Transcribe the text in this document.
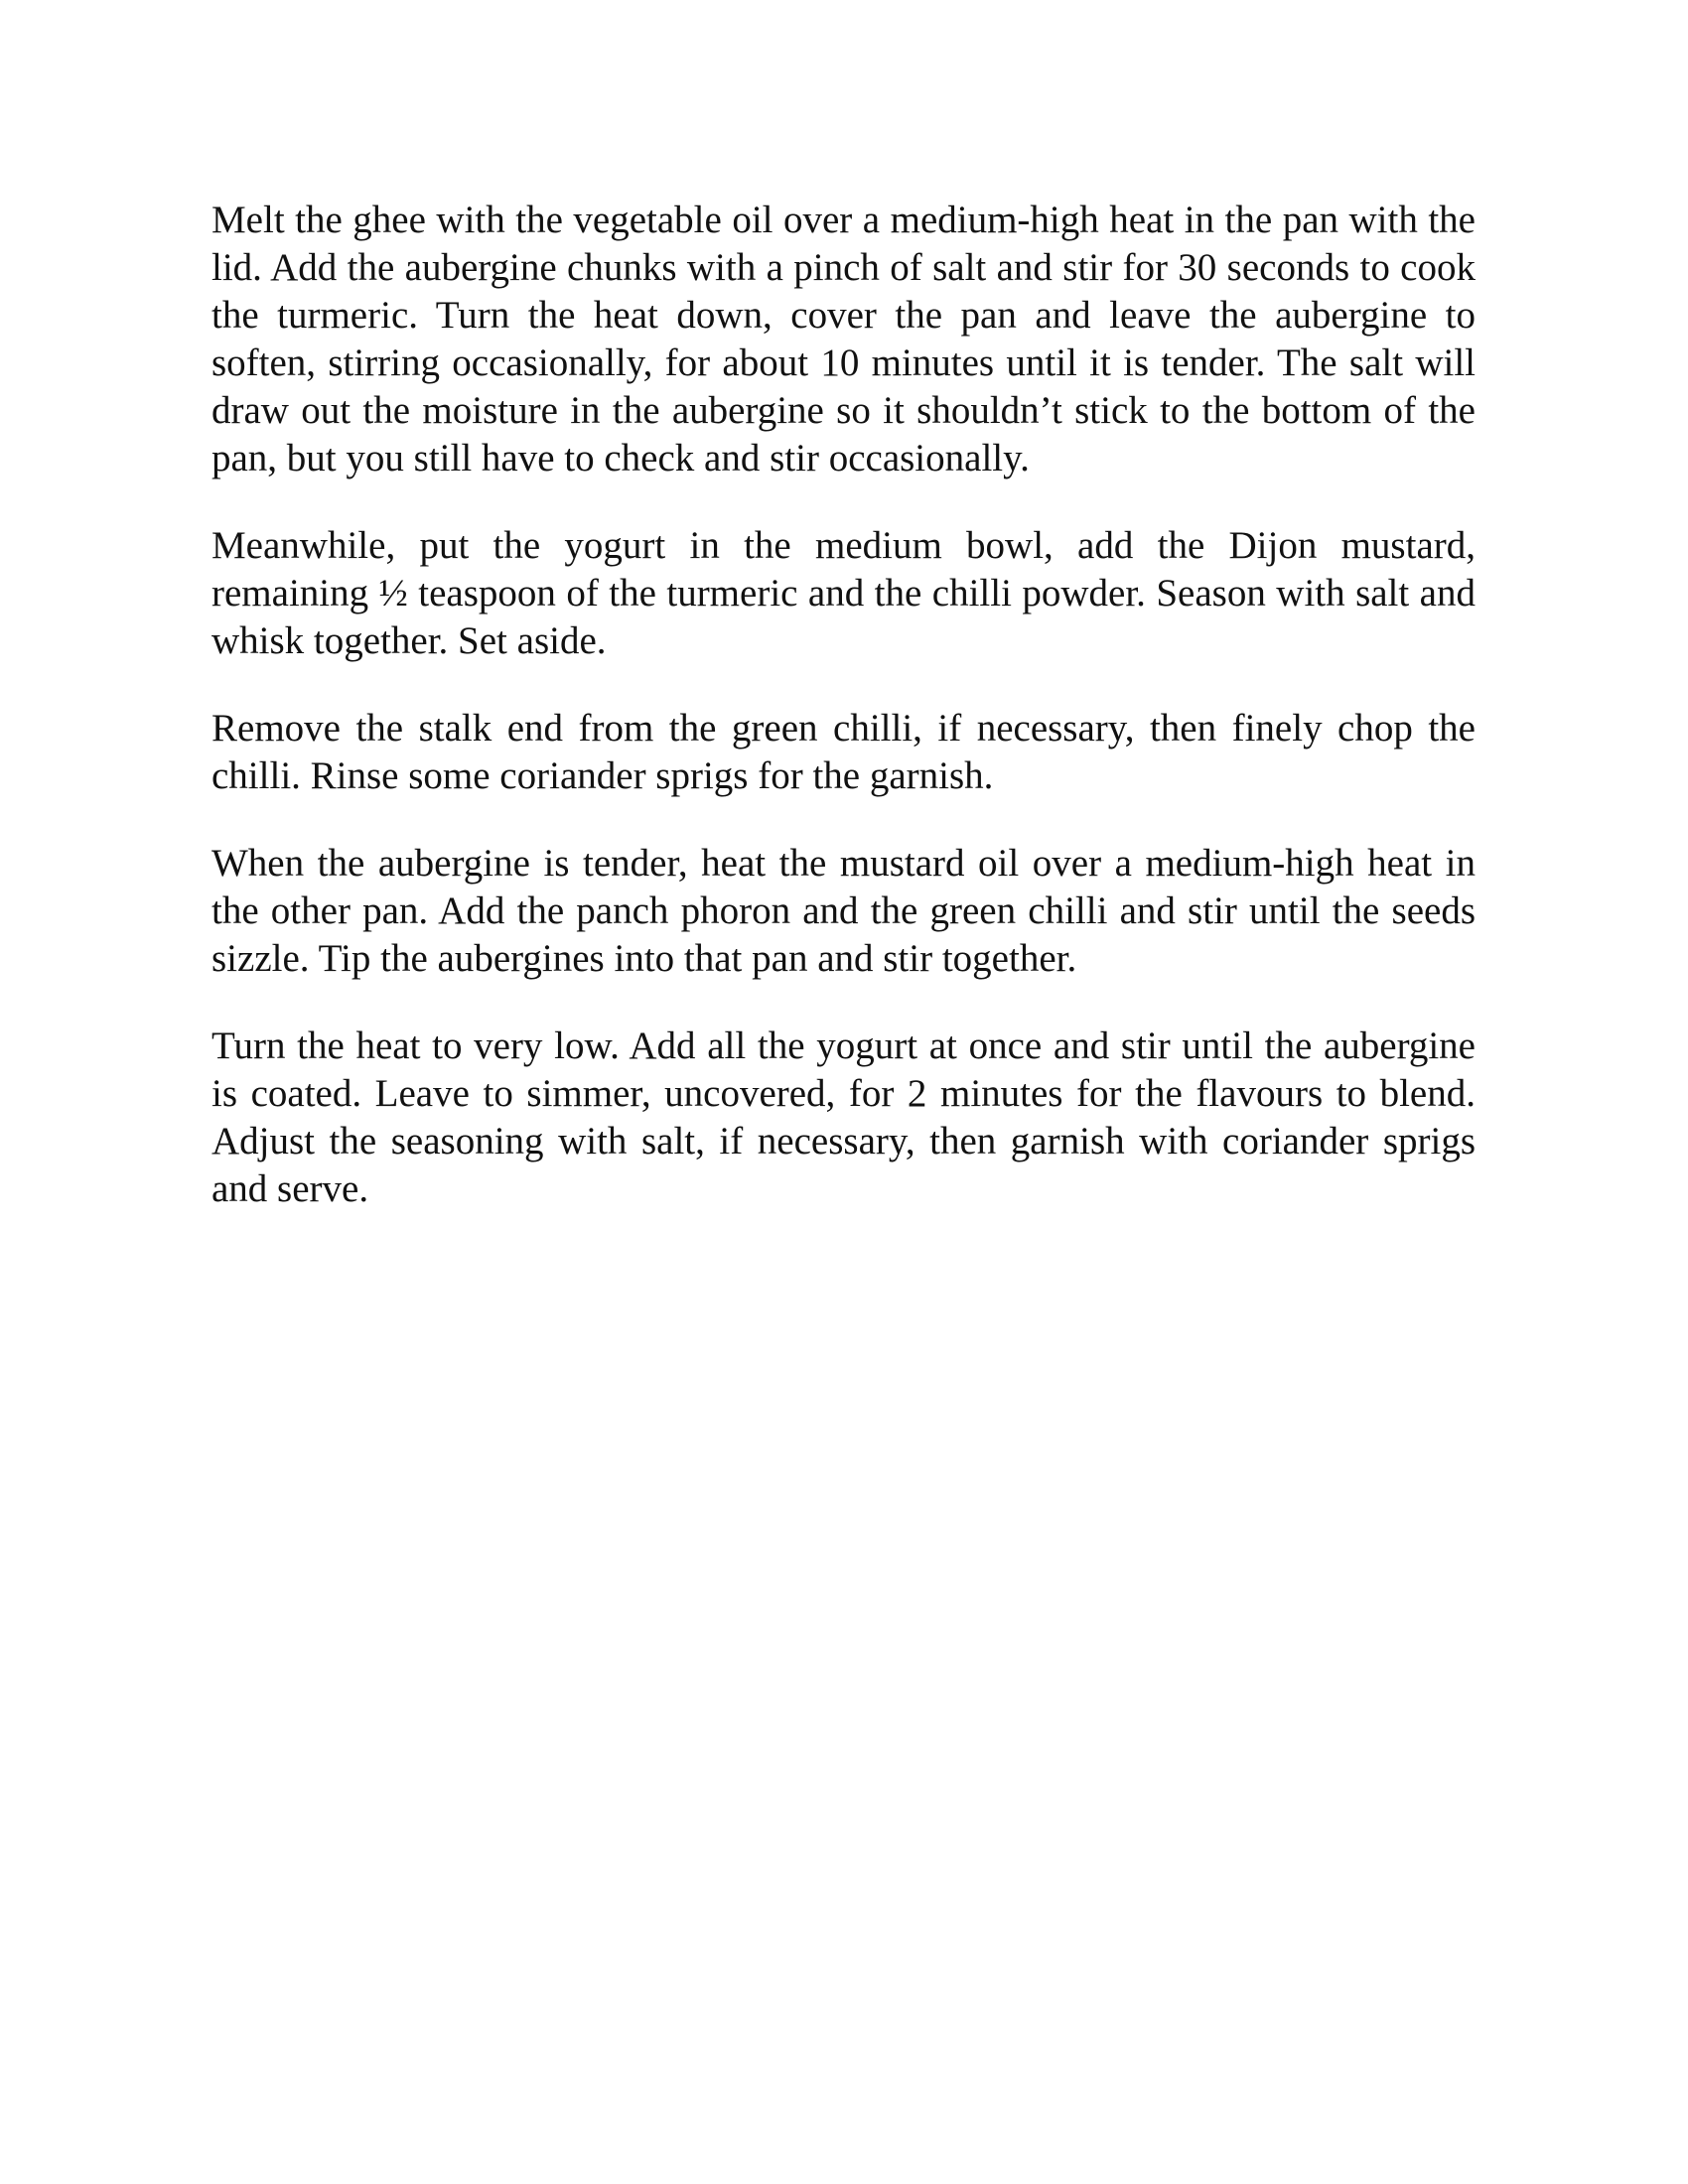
Melt the ghee with the vegetable oil over a medium-high heat in the pan with the lid. Add the aubergine chunks with a pinch of salt and stir for 30 seconds to cook the turmeric. Turn the heat down, cover the pan and leave the aubergine to soften, stirring occasionally, for about 10 minutes until it is tender. The salt will draw out the moisture in the aubergine so it shouldn’t stick to the bottom of the pan, but you still have to check and stir occasionally.

Meanwhile, put the yogurt in the medium bowl, add the Dijon mustard, remaining ½ teaspoon of the turmeric and the chilli powder. Season with salt and whisk together. Set aside.

Remove the stalk end from the green chilli, if necessary, then finely chop the chilli. Rinse some coriander sprigs for the garnish.

When the aubergine is tender, heat the mustard oil over a medium-high heat in the other pan. Add the panch phoron and the green chilli and stir until the seeds sizzle. Tip the aubergines into that pan and stir together.

Turn the heat to very low. Add all the yogurt at once and stir until the aubergine is coated. Leave to simmer, uncovered, for 2 minutes for the flavours to blend. Adjust the seasoning with salt, if necessary, then garnish with coriander sprigs and serve.
